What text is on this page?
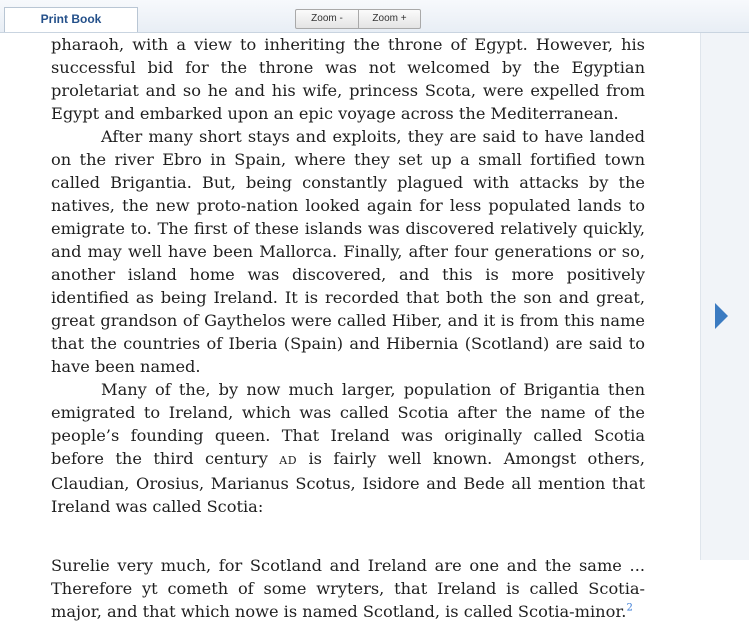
Print Book	Zoom -	Zoom +

pharaoh, with a view to inheriting the throne of Egypt. However, his successful bid for the throne was not welcomed by the Egyptian proletariat and so he and his wife, princess Scota, were expelled from Egypt and embarked upon an epic voyage across the Mediterranean.

After many short stays and exploits, they are said to have landed on the river Ebro in Spain, where they set up a small fortified town called Brigantia. But, being constantly plagued with attacks by the natives, the new proto-nation looked again for less populated lands to emigrate to. The first of these islands was discovered relatively quickly, and may well have been Mallorca. Finally, after four generations or so, another island home was discovered, and this is more positively identified as being Ireland. It is recorded that both the son and great, great grandson of Gaythelos were called Hiber, and it is from this name that the countries of Iberia (Spain) and Hibernia (Scotland) are said to have been named.

Many of the, by now much larger, population of Brigantia then emigrated to Ireland, which was called Scotia after the name of the people’s founding queen. That Ireland was originally called Scotia before the third century AD is fairly well known. Amongst others, Claudian, Orosius, Marianus Scotus, Isidore and Bede all mention that Ireland was called Scotia:

Surelie very much, for Scotland and Ireland are one and the same ... Therefore yt cometh of some wryters, that Ireland is called Scotia-major, and that which nowe is named Scotland, is called Scotia-minor.$^2$
